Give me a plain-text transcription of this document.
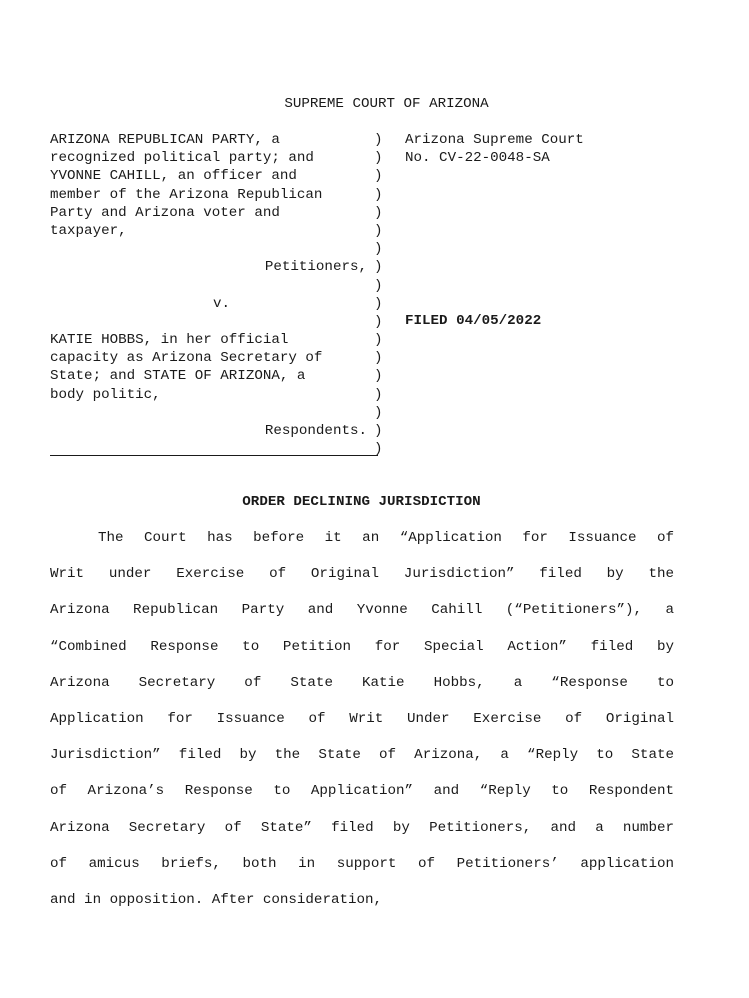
SUPREME COURT OF ARIZONA
ARIZONA REPUBLICAN PARTY, a
recognized political party; and
YVONNE CAHILL, an officer and
member of the Arizona Republican
Party and Arizona voter and
taxpayer,
Petitioners,
v.
KATIE HOBBS, in her official
capacity as Arizona Secretary of
State; and STATE OF ARIZONA, a
body politic,
Respondents.
)
)
)
)
)
)
)
)
)
)
)
)
)
)
)
)
)
)
Arizona Supreme Court
No. CV-22-0048-SA
FILED 04/05/2022
ORDER DECLINING JURISDICTION
The Court has before it an “Application for Issuance of
Writ under Exercise of Original Jurisdiction” filed by the
Arizona Republican Party and Yvonne Cahill (“Petitioners”), a
“Combined Response to Petition for Special Action” filed by
Arizona Secretary of State Katie Hobbs, a “Response to
Application for Issuance of Writ Under Exercise of Original
Jurisdiction” filed by the State of Arizona, a “Reply to State
of Arizona’s Response to Application” and “Reply to Respondent
Arizona Secretary of State” filed by Petitioners, and a number
of amicus briefs, both in support of Petitioners’ application
and in opposition. After consideration,
